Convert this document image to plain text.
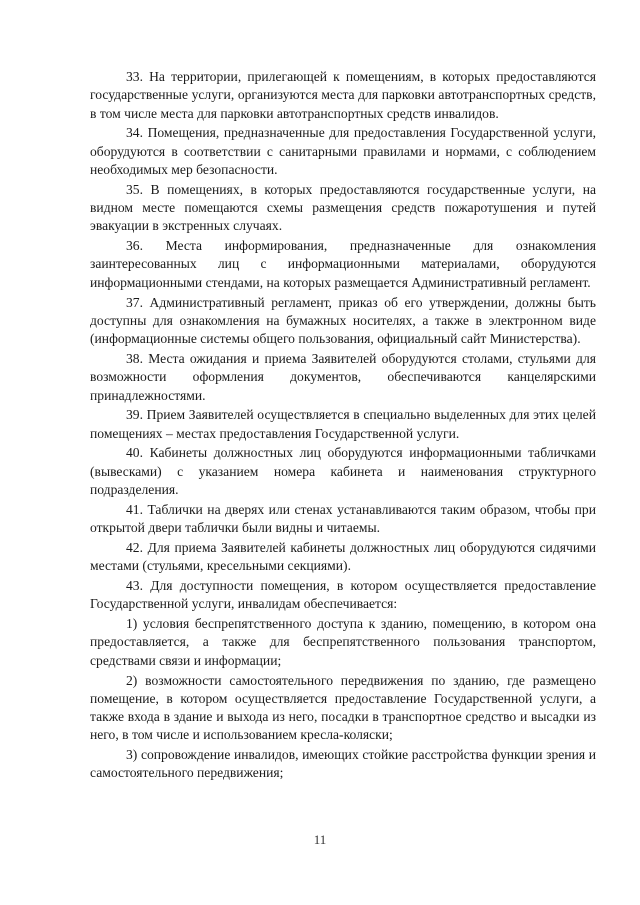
33. На территории, прилегающей к помещениям, в которых предоставляются государственные услуги, организуются места для парковки автотранспортных средств, в том числе места для парковки автотранспортных средств инвалидов.

34. Помещения, предназначенные для предоставления Государственной услуги, оборудуются в соответствии с санитарными правилами и нормами, с соблюдением необходимых мер безопасности.

35. В помещениях, в которых предоставляются государственные услуги, на видном месте помещаются схемы размещения средств пожаротушения и путей эвакуации в экстренных случаях.

36. Места информирования, предназначенные для ознакомления заинтересованных лиц с информационными материалами, оборудуются информационными стендами, на которых размещается Административный регламент.

37. Административный регламент, приказ об его утверждении, должны быть доступны для ознакомления на бумажных носителях, а также в электронном виде (информационные системы общего пользования, официальный сайт Министерства).

38. Места ожидания и приема Заявителей оборудуются столами, стульями для возможности оформления документов, обеспечиваются канцелярскими принадлежностями.

39. Прием Заявителей осуществляется в специально выделенных для этих целей помещениях – местах предоставления Государственной услуги.

40. Кабинеты должностных лиц оборудуются информационными табличками (вывесками) с указанием номера кабинета и наименования структурного подразделения.

41. Таблички на дверях или стенах устанавливаются таким образом, чтобы при открытой двери таблички были видны и читаемы.

42. Для приема Заявителей кабинеты должностных лиц оборудуются сидячими местами (стульями, кресельными секциями).

43. Для доступности помещения, в котором осуществляется предоставление Государственной услуги, инвалидам обеспечивается:

1) условия беспрепятственного доступа к зданию, помещению, в котором она предоставляется, а также для беспрепятственного пользования транспортом, средствами связи и информации;

2) возможности самостоятельного передвижения по зданию, где размещено помещение, в котором осуществляется предоставление Государственной услуги, а также входа в здание и выхода из него, посадки в транспортное средство и высадки из него, в том числе и использованием кресла-коляски;

3) сопровождение инвалидов, имеющих стойкие расстройства функции зрения и самостоятельного передвижения;

11
